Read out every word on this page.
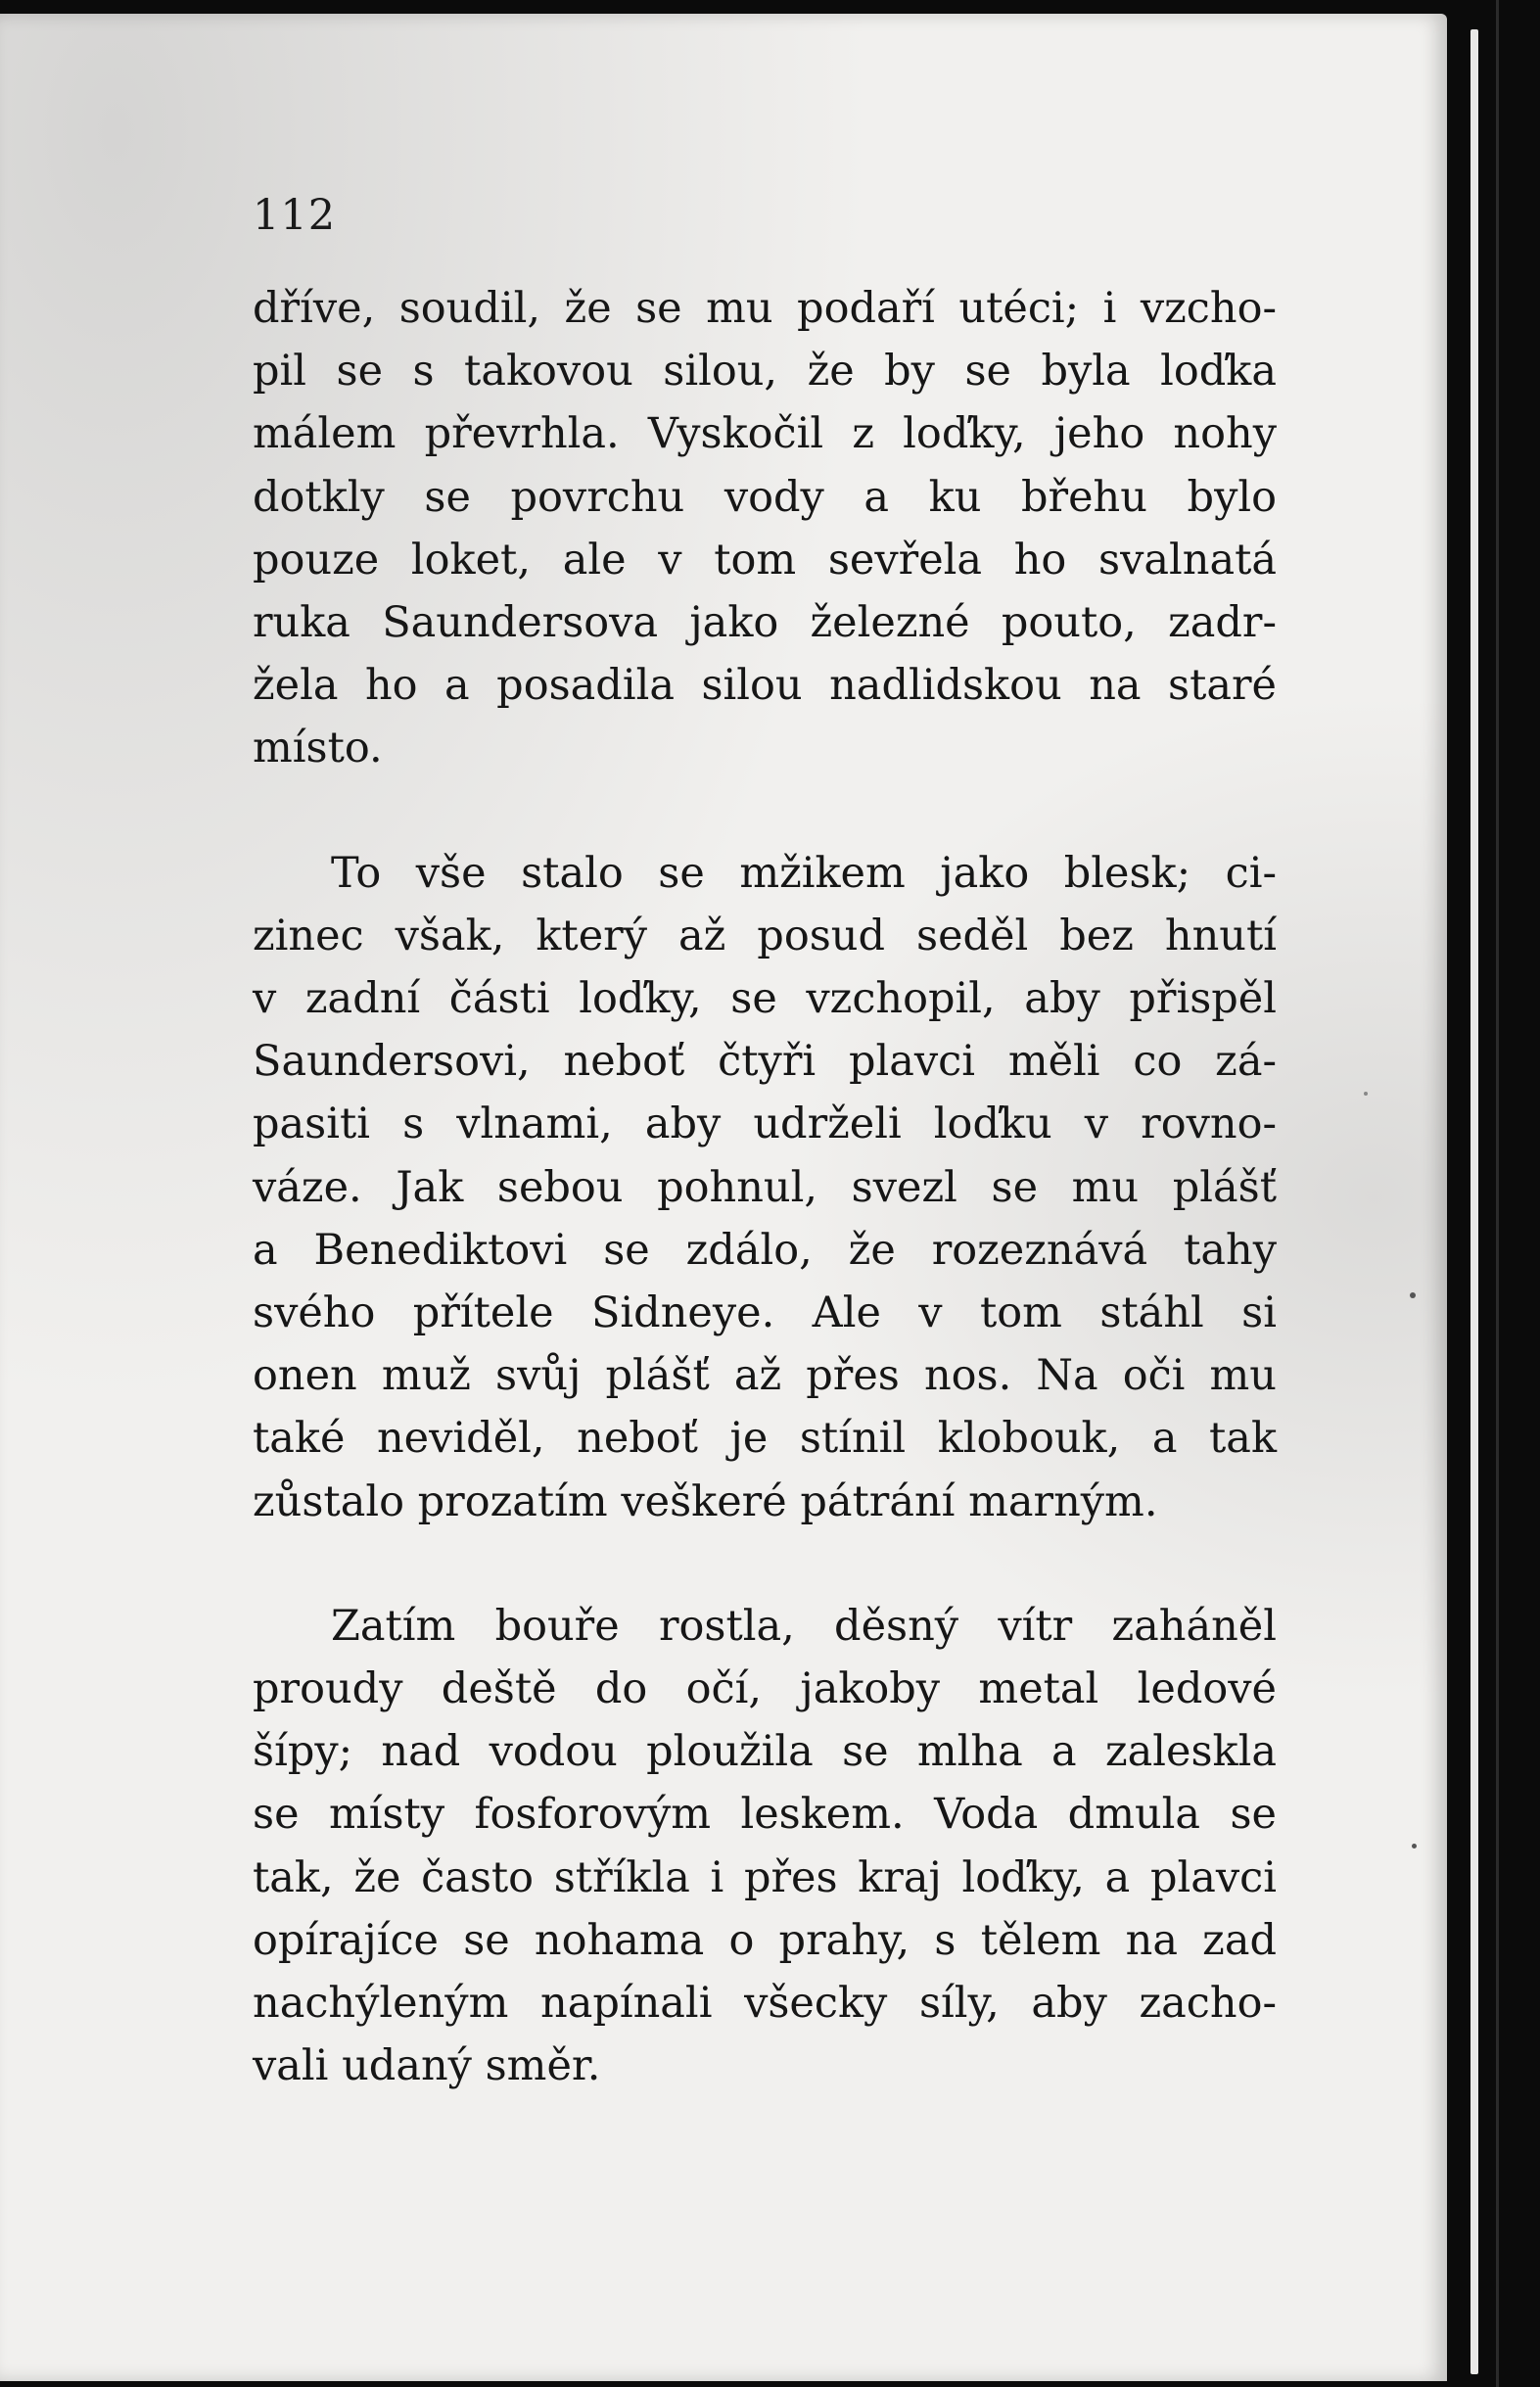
112

dříve, soudil, že se mu podaří utéci; i vzcho-
pil se s takovou silou, že by se byla loďka
málem převrhla. Vyskočil z loďky, jeho nohy
dotkly se povrchu vody a ku břehu bylo
pouze loket, ale v tom sevřela ho svalnatá
ruka Saundersova jako železné pouto, zadr-
žela ho a posadila silou nadlidskou na staré
místo.

To vše stalo se mžikem jako blesk; ci-
zinec však, který až posud seděl bez hnutí
v zadní části loďky, se vzchopil, aby přispěl
Saundersovi, neboť čtyři plavci měli co zá-
pasiti s vlnami, aby udrželi loďku v rovno-
váze. Jak sebou pohnul, svezl se mu plášť
a Benediktovi se zdálo, že rozeznává tahy
svého přítele Sidneye. Ale v tom stáhl si
onen muž svůj plášť až přes nos. Na oči mu
také neviděl, neboť je stínil klobouk, a tak
zůstalo prozatím veškeré pátrání marným.

Zatím bouře rostla, děsný vítr zaháněl
proudy deště do očí, jakoby metal ledové
šípy; nad vodou ploužila se mlha a zaleskla
se místy fosforovým leskem. Voda dmula se
tak, že často stříkla i přes kraj loďky, a plavci
opírajíce se nohama o prahy, s tělem na zad
nachýleným napínali všecky síly, aby zacho-
vali udaný směr.
